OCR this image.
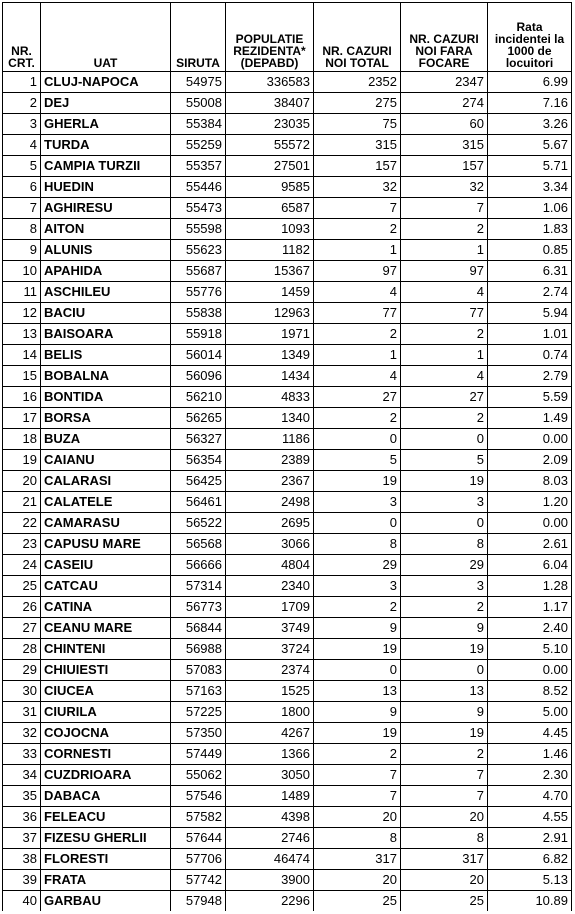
NR. CRT.	UAT	SIRUTA	POPULATIE REZIDENTA* (DEPABD)	NR. CAZURI NOI TOTAL	NR. CAZURI NOI FARA FOCARE	Rata incidentei la 1000 de locuitori
1	CLUJ-NAPOCA	54975	336583	2352	2347	6.99
2	DEJ	55008	38407	275	274	7.16
3	GHERLA	55384	23035	75	60	3.26
4	TURDA	55259	55572	315	315	5.67
5	CAMPIA TURZII	55357	27501	157	157	5.71
6	HUEDIN	55446	9585	32	32	3.34
7	AGHIRESU	55473	6587	7	7	1.06
8	AITON	55598	1093	2	2	1.83
9	ALUNIS	55623	1182	1	1	0.85
10	APAHIDA	55687	15367	97	97	6.31
11	ASCHILEU	55776	1459	4	4	2.74
12	BACIU	55838	12963	77	77	5.94
13	BAISOARA	55918	1971	2	2	1.01
14	BELIS	56014	1349	1	1	0.74
15	BOBALNA	56096	1434	4	4	2.79
16	BONTIDA	56210	4833	27	27	5.59
17	BORSA	56265	1340	2	2	1.49
18	BUZA	56327	1186	0	0	0.00
19	CAIANU	56354	2389	5	5	2.09
20	CALARASI	56425	2367	19	19	8.03
21	CALATELE	56461	2498	3	3	1.20
22	CAMARASU	56522	2695	0	0	0.00
23	CAPUSU MARE	56568	3066	8	8	2.61
24	CASEIU	56666	4804	29	29	6.04
25	CATCAU	57314	2340	3	3	1.28
26	CATINA	56773	1709	2	2	1.17
27	CEANU MARE	56844	3749	9	9	2.40
28	CHINTENI	56988	3724	19	19	5.10
29	CHIUIESTI	57083	2374	0	0	0.00
30	CIUCEA	57163	1525	13	13	8.52
31	CIURILA	57225	1800	9	9	5.00
32	COJOCNA	57350	4267	19	19	4.45
33	CORNESTI	57449	1366	2	2	1.46
34	CUZDRIOARA	55062	3050	7	7	2.30
35	DABACA	57546	1489	7	7	4.70
36	FELEACU	57582	4398	20	20	4.55
37	FIZESU GHERLII	57644	2746	8	8	2.91
38	FLORESTI	57706	46474	317	317	6.82
39	FRATA	57742	3900	20	20	5.13
40	GARBAU	57948	2296	25	25	10.89
